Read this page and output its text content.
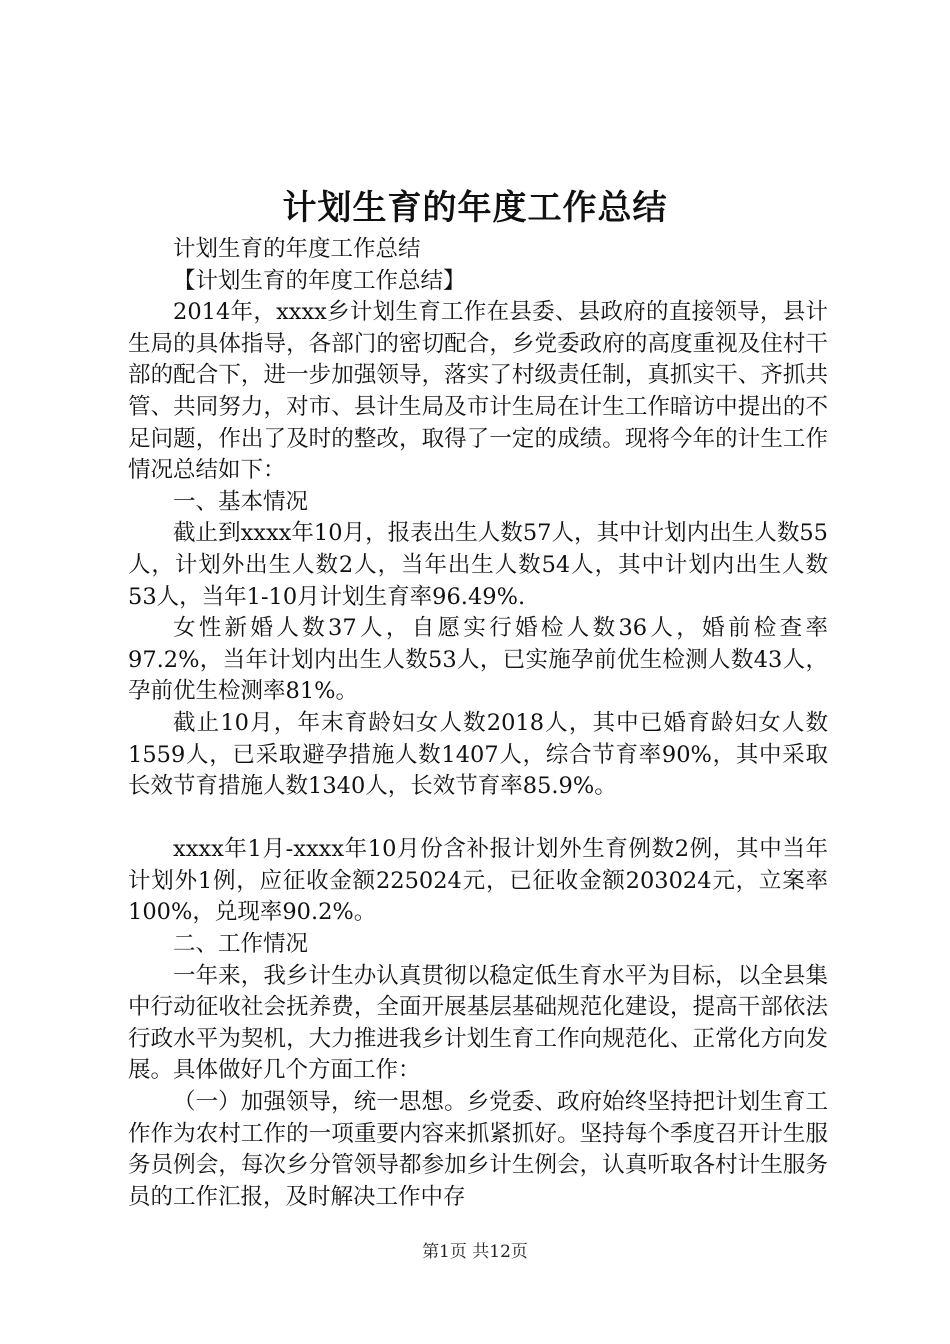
计划生育的年度工作总结

计划生育的年度工作总结

【计划生育的年度工作总结】

2014年，xxxx乡计划生育工作在县委、县政府的直接领导，县计生局的具体指导，各部门的密切配合，乡党委政府的高度重视及住村干部的配合下，进一步加强领导，落实了村级责任制，真抓实干、齐抓共管、共同努力，对市、县计生局及市计生局在计生工作暗访中提出的不足问题，作出了及时的整改，取得了一定的成绩。现将今年的计生工作情况总结如下：

一、基本情况

截止到xxxx年10月，报表出生人数57人，其中计划内出生人数55人，计划外出生人数2人，当年出生人数54人，其中计划内出生人数53人，当年1-10月计划生育率96.49%.

女性新婚人数37人，自愿实行婚检人数36人，婚前检查率97.2%，当年计划内出生人数53人，已实施孕前优生检测人数43人，孕前优生检测率81%。

截止10月，年末育龄妇女人数2018人，其中已婚育龄妇女人数1559人，已采取避孕措施人数1407人，综合节育率90%，其中采取长效节育措施人数1340人，长效节育率85.9%。

xxxx年1月-xxxx年10月份含补报计划外生育例数2例，其中当年计划外1例，应征收金额225024元，已征收金额203024元，立案率100%，兑现率90.2%。

二、工作情况

一年来，我乡计生办认真贯彻以稳定低生育水平为目标，以全县集中行动征收社会抚养费，全面开展基层基础规范化建设，提高干部依法行政水平为契机，大力推进我乡计划生育工作向规范化、正常化方向发展。具体做好几个方面工作：

（一）加强领导，统一思想。乡党委、政府始终坚持把计划生育工作作为农村工作的一项重要内容来抓紧抓好。坚持每个季度召开计生服务员例会，每次乡分管领导都参加乡计生例会，认真听取各村计生服务员的工作汇报，及时解决工作中存

第1页 共12页
